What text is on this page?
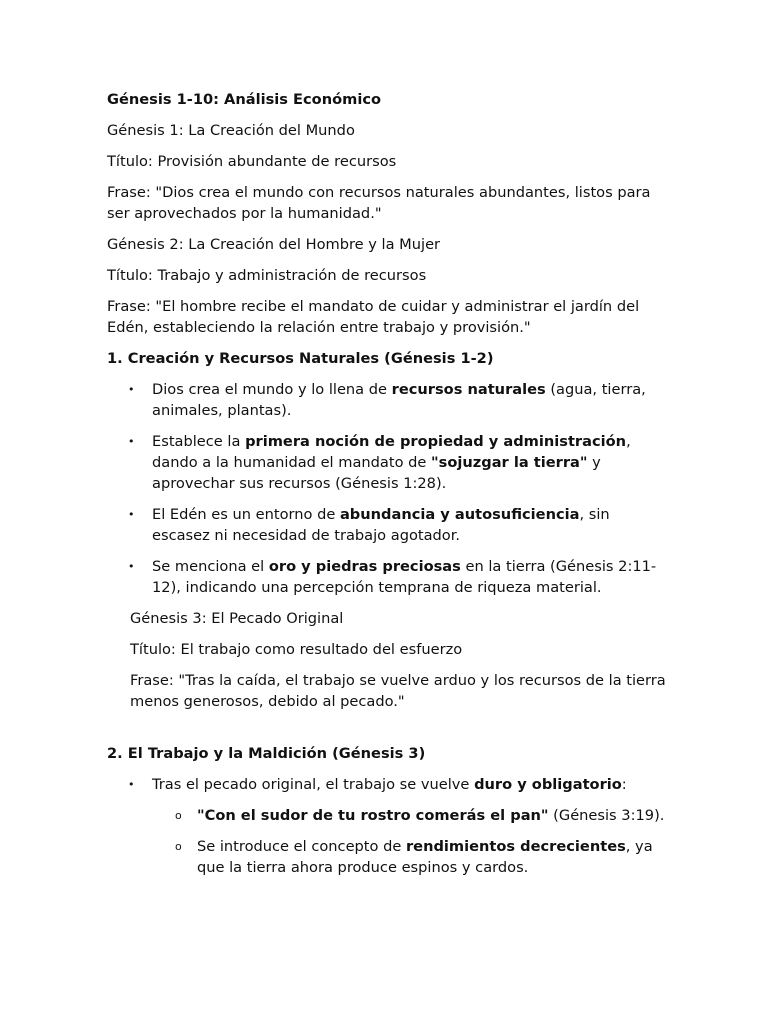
Génesis 1-10: Análisis Económico

Génesis 1: La Creación del Mundo

Título: Provisión abundante de recursos

Frase: "Dios crea el mundo con recursos naturales abundantes, listos para ser aprovechados por la humanidad."

Génesis 2: La Creación del Hombre y la Mujer

Título: Trabajo y administración de recursos

Frase: "El hombre recibe el mandato de cuidar y administrar el jardín del Edén, estableciendo la relación entre trabajo y provisión."

1. Creación y Recursos Naturales (Génesis 1-2)
• Dios crea el mundo y lo llena de recursos naturales (agua, tierra, animales, plantas).
• Establece la primera noción de propiedad y administración, dando a la humanidad el mandato de "sojuzgar la tierra" y aprovechar sus recursos (Génesis 1:28).
• El Edén es un entorno de abundancia y autosuficiencia, sin escasez ni necesidad de trabajo agotador.
• Se menciona el oro y piedras preciosas en la tierra (Génesis 2:11-12), indicando una percepción temprana de riqueza material.

Génesis 3: El Pecado Original

Título: El trabajo como resultado del esfuerzo

Frase: "Tras la caída, el trabajo se vuelve arduo y los recursos de la tierra menos generosos, debido al pecado."

2. El Trabajo y la Maldición (Génesis 3)
• Tras el pecado original, el trabajo se vuelve duro y obligatorio:
o "Con el sudor de tu rostro comerás el pan" (Génesis 3:19).
o Se introduce el concepto de rendimientos decrecientes, ya que la tierra ahora produce espinos y cardos.
